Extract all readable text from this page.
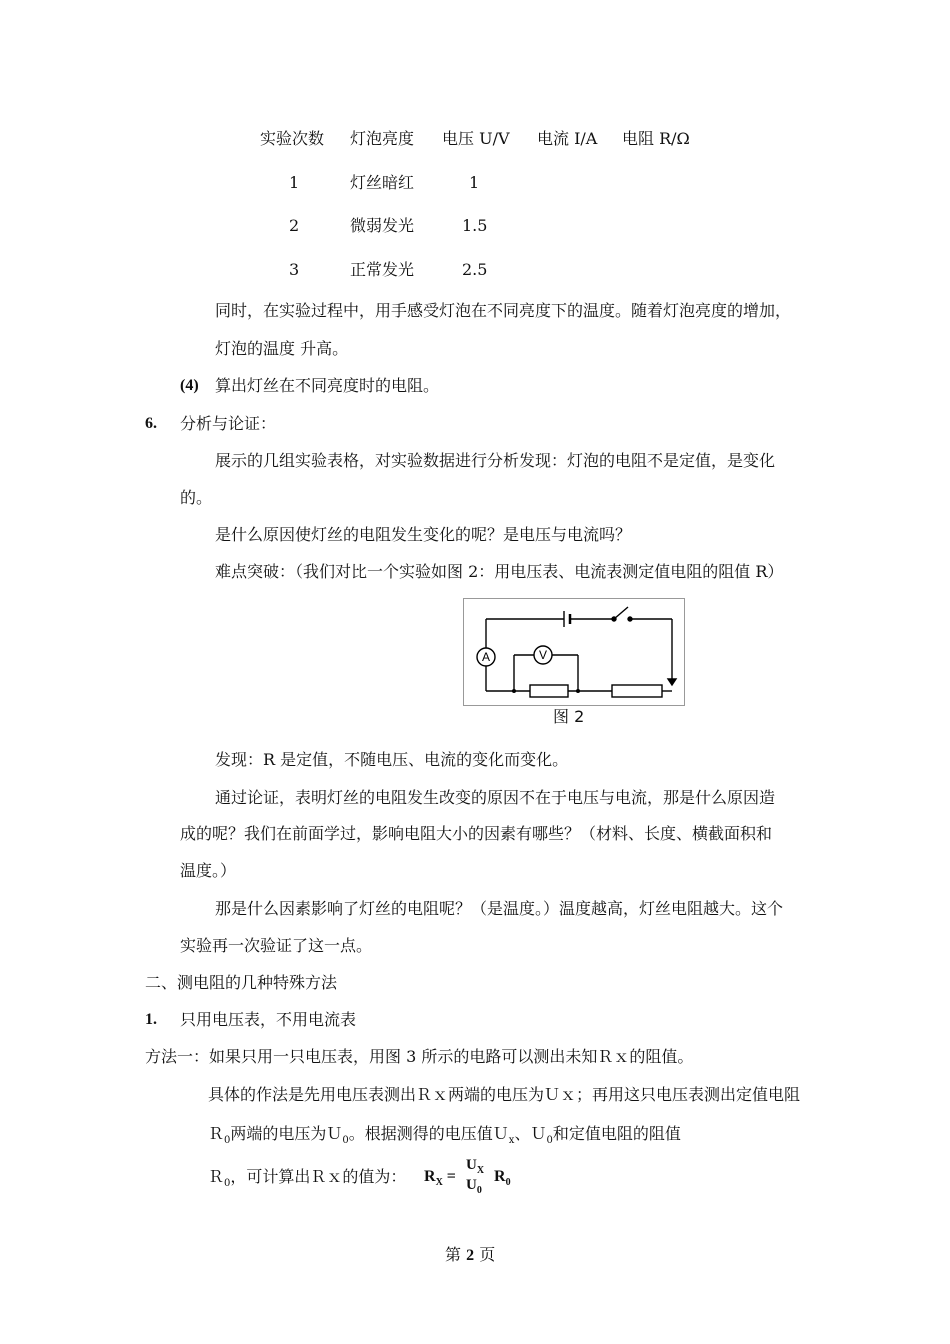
实验次数 灯泡亮度 电压 U/V 电流 I/A 电阻 R/Ω
1	灯丝暗红	1
2	微弱发光	1.5
3	正常发光	2.5
同时，在实验过程中，用手感受灯泡在不同亮度下的温度。随着灯泡亮度的增加，
灯泡的温度 升高。
(4) 算出灯丝在不同亮度时的电阻。
6. 分析与论证：
展示的几组实验表格，对实验数据进行分析发现：灯泡的电阻不是定值，是变化
的。
是什么原因使灯丝的电阻发生变化的呢？是电压与电流吗？
难点突破：（我们对比一个实验如图 2：用电压表、电流表测定值电阻的阻值 R）
A	V
图 2
发现：R 是定值，不随电压、电流的变化而变化。
通过论证，表明灯丝的电阻发生改变的原因不在于电压与电流，那是什么原因造
成的呢？我们在前面学过，影响电阻大小的因素有哪些？（材料、长度、横截面积和
温度。）
那是什么因素影响了灯丝的电阻呢？（是温度。）温度越高，灯丝电阻越大。这个
实验再一次验证了这一点。
二、测电阻的几种特殊方法
1. 只用电压表，不用电流表
方法一：如果只用一只电压表，用图 3 所示的电路可以测出未知Ｒｘ的阻值。
具体的作法是先用电压表测出Ｒｘ两端的电压为Ｕｘ；再用这只电压表测出定值电阻
Ｒ$_0$两端的电压为Ｕ$_0$。根据测得的电压值Ｕ$_x$、Ｕ$_0$和定值电阻的阻值
Ｒ$_0$，可计算出Ｒｘ的值为： $R_X$ =
$U_X$
$U_0$
$R_0$
第 2 页
